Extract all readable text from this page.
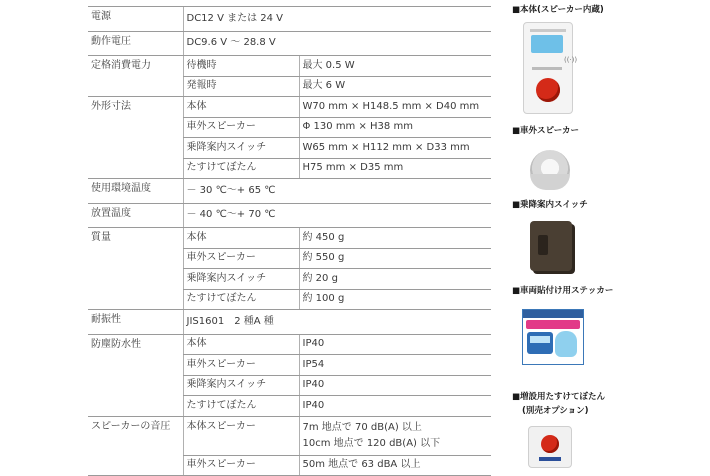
電源	DC12 V または 24 V	
動作電圧	DC9.6 V ～ 28.8 V	
定格消費電力	待機時	最大 0.5 W
	発報時	最大 6 W
外形寸法	本体	W70 mm × H148.5 mm × D40 mm
	車外スピーカー	Φ 130 mm × H38 mm
	乗降案内スイッチ	W65 mm × H112 mm × D33 mm
	たすけてぼたん	H75 mm × D35 mm
使用環境温度	－ 30 ℃～+ 65 ℃	
放置温度	－ 40 ℃～+ 70 ℃	
質量	本体	約 450 g
	車外スピーカー	約 550 g
	乗降案内スイッチ	約 20 g
	たすけてぼたん	約 100 g
耐振性	JIS1601　2 種A 種	
防塵防水性	本体	IP40
	車外スピーカー	IP54
	乗降案内スイッチ	IP40
	たすけてぼたん	IP40
スピーカーの音圧	本体スピーカー	7m 地点で 70 dB(A) 以上
10cm 地点で 120 dB(A) 以下

	車外スピーカー	50m 地点で 63 dBA 以上
■本体(スピーカー内蔵)
((·))
■車外スピーカー
■乗降案内スイッチ
■車両貼付け用ステッカー
■増設用たすけてぼたん
(別売オプション)
